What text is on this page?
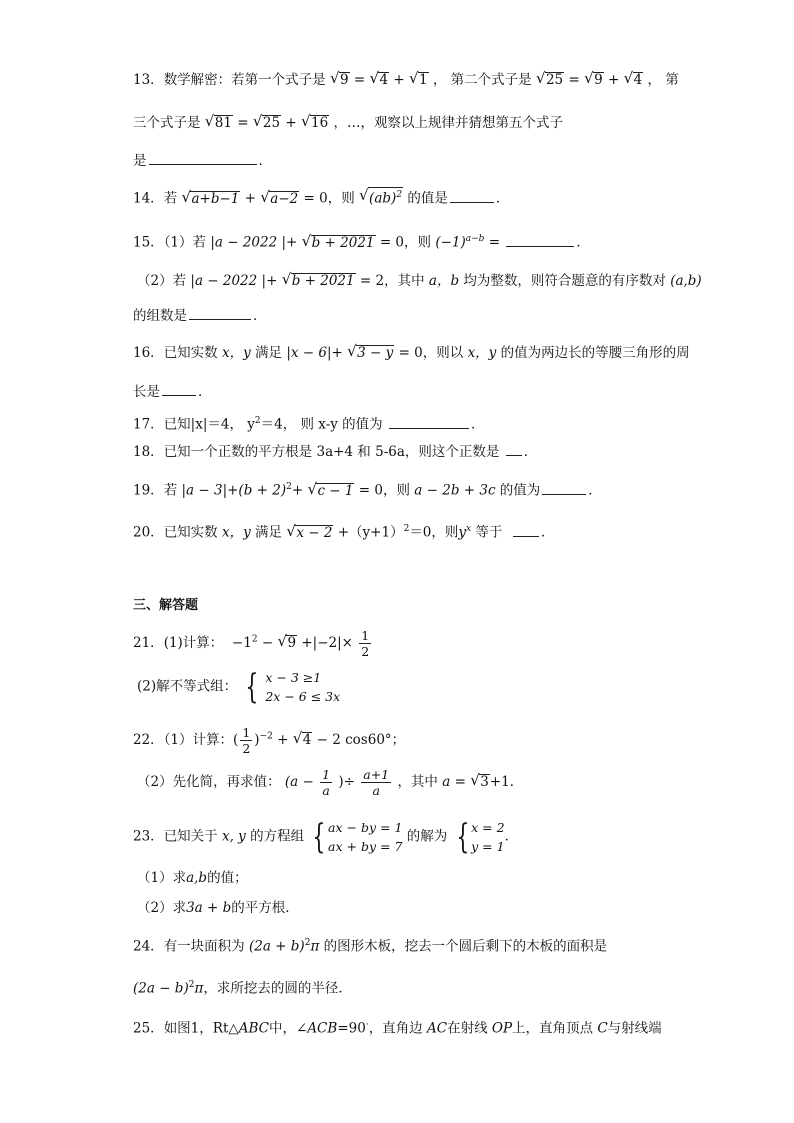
13．数学解密：若第一个式子是 √ 9 = √ 4 + √ 1 ， 第二个式子是 √ 25 = √ 9 + √ 4 ， 第
三个式子是 √ 81 = √ 25 + √ 16 ，…，观察以上规律并猜想第五个式子
是	．
14．若 √ a+b−1 + √ a−2 = 0，则 √ (ab)$^2$ 的值是	．
15．（1）若 |a − 2022 |+ √ b + 2021 = 0，则 $(-1)^{a-b}$ =	．
（2）若 |a − 2022 |+ √ b + 2021 = 2，其中 a，b 均为整数，则符合题意的有序数对 (a,b)
的组数是	．
16．已知实数 x，y 满足 |x − 6|+ √ 3 − y = 0，则以 x，y 的值为两边长的等腰三角形的周
长是	．
17．已知|x|＝4， $y^2=4$， 则 x-y 的值为	．
18．已知一个正数的平方根是 3a+4 和 5-6a，则这个正数是 ．
19．若 $|a - 3|+(b + 2)^2+$ √ c − 1 = 0，则 a − 2b + 3c 的值为	．
20．已知实数 x，y 满足 √ $x - 2 +(y+1)^2=0$，则$y^x$ 等于	．
三、解答题
21．(1)计算： $-1^2$ − √ $9 +|-2|\times \frac{1}{2}$
(2)解不等式组： { x − 3 ≥1
2x − 6 ≤ 3x
22．（1）计算：( $\frac{1}{2} )^{-2}$ + √ 4 − 2 cos60°；
（2）先化简，再求值： ($a - \frac{1}{a}$ )÷ $\frac{a+1}{a}$ ，其中 a = √ 3+1．
23．已知关于 x, y 的方程组 { ax − by = 1
ax + by = 7 的解为 { x = 2
y = 1．
（1）求a,b的值；
（2）求3a + b的平方根．
24．有一块面积为 $(2a + b)^2\pi$ 的图形木板，挖去一个圆后剩下的木板的面积是
$(2a - b)^2\pi$，求所挖去的圆的半径．
25．如图1，Rt△ABC中，∠ACB=90·，直角边 AC在射线 OP上，直角顶点 C与射线端
